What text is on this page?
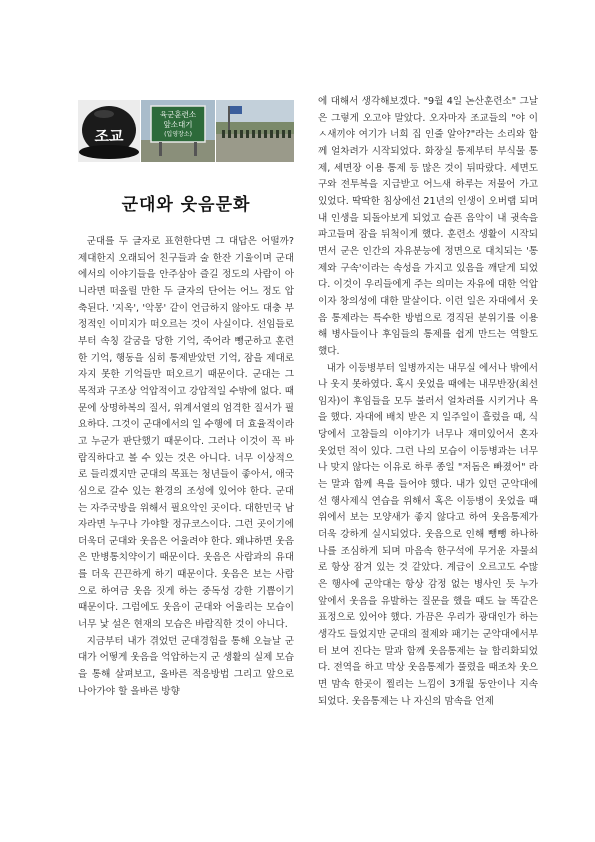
조교
육군훈련소
앞소대기
(입영장소)
군대와 웃음문화

군대를 두 글자로 표현한다면 그 대답은 어떨까? 제대한지 오래되어 친구들과 술 한잔 기울이며 군대에서의 이야기들을 안주삼아 즐길 정도의 사람이 아니라면 떠올릴 만한 두 글자의 단어는 어느 정도 압축된다. '지옥', '악몽' 같이 언급하지 않아도 대충 부정적인 이미지가 떠오르는 것이 사실이다. 선임들로부터 속칭 갈굼을 당한 기억, 죽어라 뺑군하고 훈련한 기억, 행동을 심히 통제받았던 기억, 잠을 제대로 자지 못한 기억들만 떠오르기 때문이다. 군대는 그 목적과 구조상 억압적이고 강압적일 수밖에 없다. 때문에 상명하복의 질서, 위계서열의 엄격한 질서가 필요하다. 그것이 군대에서의 일 수행에 더 효율적이라고 누군가 판단했기 때문이다. 그러나 이것이 꼭 바람직하다고 볼 수 있는 것은 아니다. 너무 이상적으로 들리겠지만 군대의 목표는 청년들이 좋아서, 애국심으로 갈수 있는 환경의 조성에 있어야 한다. 군대는 자주국방을 위해서 필요악인 곳이다. 대한민국 남자라면 누구나 가야할 정규코스이다. 그런 곳이기에 더욱더 군대와 웃음은 어울려야 한다. 왜냐하면 웃음은 만병통치약이기 때문이다. 웃음은 사람과의 유대를 더욱 끈끈하게 하기 때문이다. 웃음은 보는 사람으로 하여금 웃음 짓게 하는 중독성 강한 기쁨이기 때문이다. 그럼에도 웃음이 군대와 어울리는 모습이 너무 낯 설은 현재의 모습은 바람직한 것이 아니다.

지금부터 내가 겪었던 군대경험을 통해 오늘날 군대가 어떻게 웃음을 억압하는지 군 생활의 실제 모습을 통해 살펴보고, 올바른 적응방법 그리고 앞으로 나아가야 할 올바른 방향

에 대해서 생각해보겠다. "9월 4일 논산훈련소" 그날은 그렇게 오고야 말았다. 오자마자 조교들의 "야 이 ㅅ새끼야 여기가 너희 집 인줄 알아?"라는 소리와 함께 얼차려가 시작되었다. 화장실 통제부터 부식물 통제, 세면장 이용 통제 등 많은 것이 뒤따랐다. 세면도구와 전투복을 지급받고 어느새 하루는 저물어 가고 있었다. 딱딱한 침상에선 21년의 인생이 오버랩 되며 내 인생을 되돌아보게 되었고 슬픈 음악이 내 귓속을 파고들며 잠을 뒤척이게 했다. 훈련소 생활이 시작되면서 군은 인간의 자유분능에 정면으로 대치되는 '통제와 구속'이라는 속성을 가지고 있음을 깨닫게 되었다. 이것이 우리들에게 주는 의미는 자유에 대한 억압이자 창의성에 대한 말살이다. 이런 일은 자대에서 웃음 통제라는 특수한 방법으로 경직된 분위기를 이용해 병사들이나 후임들의 통제를 쉽게 만드는 역할도 했다.

내가 이등병부터 일병까지는 내무실 에서나 밖에서나 웃지 못하였다. 혹시 웃었을 때에는 내무반장(최선임자)이 후임들을 모두 불러서 얼차려를 시키거나 욕을 했다. 자대에 배치 받은 지 일주일이 흘렀을 때, 식당에서 고참들의 이야기가 너무나 재미있어서 혼자 웃었던 적이 있다. 그런 나의 모습이 이등병과는 너무나 맞지 않다는 이유로 하루 종일 "저돔은 빠졌어" 라는 말과 함께 욕을 들어야 했다. 내가 있던 군악대에선 행사제식 연습을 위해서 혹은 이등병이 웃었을 때 위에서 보는 모양새가 좋지 않다고 하여 웃음통제가 더욱 강하게 실시되었다. 웃음으로 인해 뺑뺑 하나하나를 조심하게 되며 마음속 한구석에 무거운 자물쇠로 항상 잠겨 있는 것 같았다. 계급이 오르고도 수많은 행사에 군악대는 항상 감정 없는 병사인 듯 누가 앞에서 웃음을 유발하는 질문을 했을 때도 늘 똑같은 표정으로 있어야 했다. 가끔은 우리가 광대인가 하는 생각도 들었지만 군대의 절제와 패기는 군악대에서부터 보여 진다는 말과 함께 웃음통제는 늘 합리화되었다. 전역을 하고 막상 웃음통제가 풀렸을 때조차 웃으면 맘속 한곳이 찔리는 느낌이 3개월 동안이나 지속되었다. 웃음통제는 나 자신의 맘속을 언제
